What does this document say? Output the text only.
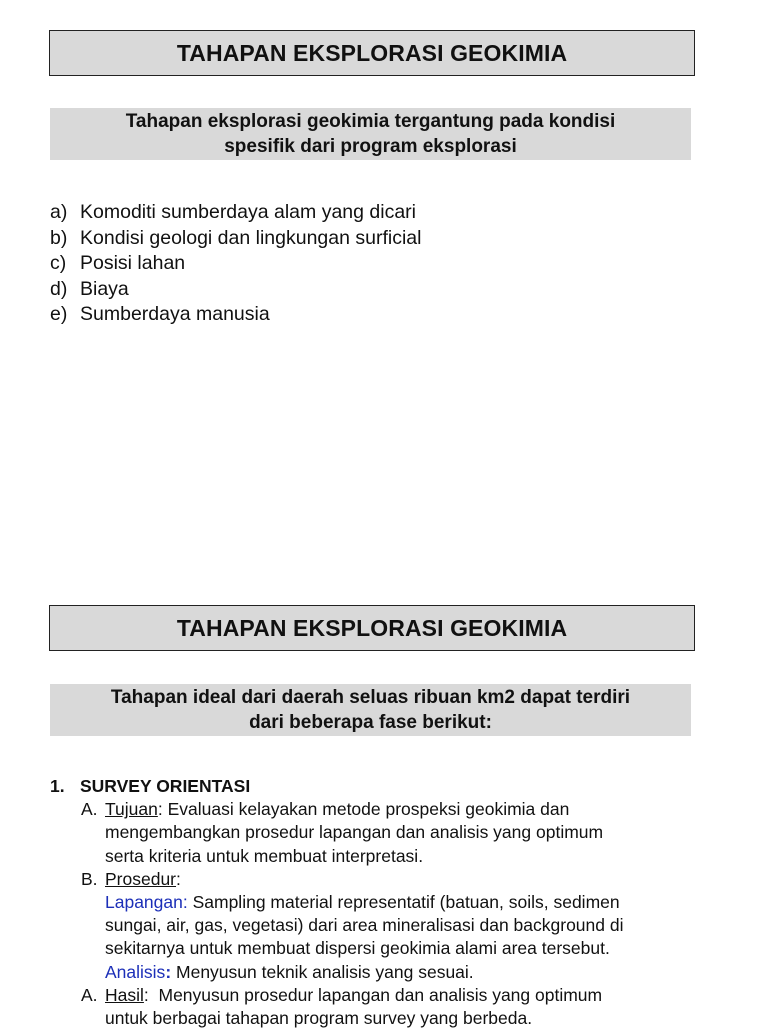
TAHAPAN EKSPLORASI GEOKIMIA
Tahapan eksplorasi geokimia tergantung pada kondisi
spesifik dari program eksplorasi
a) Komoditi sumberdaya alam yang dicari
b) Kondisi geologi dan lingkungan surficial
c) Posisi lahan
d) Biaya
e) Sumberdaya manusia
TAHAPAN EKSPLORASI GEOKIMIA
Tahapan ideal dari daerah seluas ribuan km2 dapat terdiri
dari beberapa fase berikut:
1. SURVEY ORIENTASI
A. Tujuan: Evaluasi kelayakan metode prospeksi geokimia dan
mengembangkan prosedur lapangan dan analisis yang optimum
serta kriteria untuk membuat interpretasi.
B. Prosedur:
Lapangan: Sampling material representatif (batuan, soils, sedimen
sungai, air, gas, vegetasi) dari area mineralisasi dan background di
sekitarnya untuk membuat dispersi geokimia alami area tersebut.
Analisis: Menyusun teknik analisis yang sesuai.
A. Hasil:  Menyusun prosedur lapangan dan analisis yang optimum
untuk berbagai tahapan program survey yang berbeda.
